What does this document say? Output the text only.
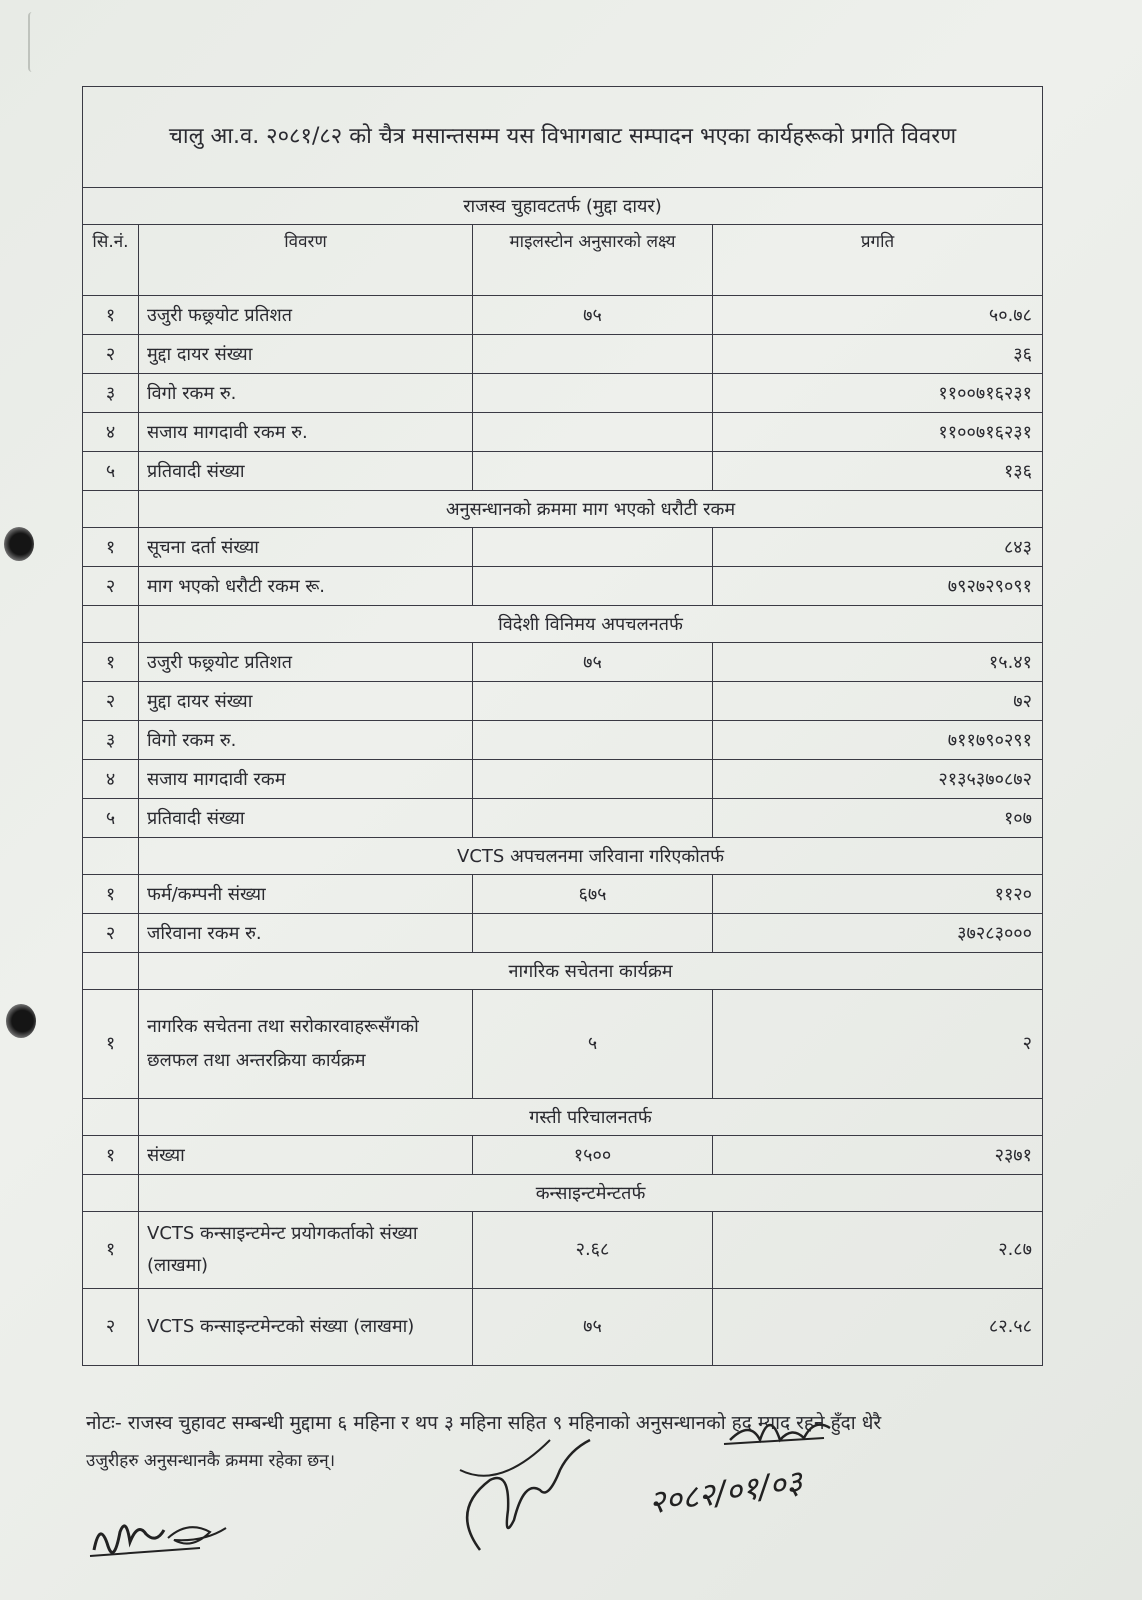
चालु आ.व. २०८१/८२ को चैत्र मसान्तसम्म यस विभागबाट सम्पादन भएका कार्यहरूको प्रगति विवरण			
राजस्व चुहावटतर्फ (मुद्दा दायर)			
सि.नं.	विवरण	माइलस्टोन अनुसारको लक्ष्य	प्रगति
१	उजुरी फछ्र्योट प्रतिशत	७५	५०.७८
२	मुद्दा दायर संख्या		३६
३	विगो रकम रु.		११००७१६२३१
४	सजाय मागदावी रकम रु.		११००७१६२३१
५	प्रतिवादी संख्या		१३६
	अनुसन्धानको क्रममा माग भएको धरौटी रकम		
१	सूचना दर्ता संख्या		८४३
२	माग भएको धरौटी रकम रू.		७९२७२९०९१
	विदेशी विनिमय अपचलनतर्फ		
१	उजुरी फछ्र्योट प्रतिशत	७५	१५.४१
२	मुद्दा दायर संख्या		७२
३	विगो रकम रु.		७११७९०२९१
४	सजाय मागदावी रकम		२१३५३७०८७२
५	प्रतिवादी संख्या		१०७
	VCTS अपचलनमा जरिवाना गरिएकोतर्फ		
१	फर्म/कम्पनी संख्या	६७५	११२०
२	जरिवाना रकम रु.		३७२८३०००
	नागरिक सचेतना कार्यक्रम		
१	नागरिक सचेतना तथा सरोकारवाहरूसँगको छलफल तथा अन्तरक्रिया कार्यक्रम	५	२
	गस्ती परिचालनतर्फ		
१	संख्या	१५००	२३७१
	कन्साइन्टमेन्टतर्फ		
१	VCTS कन्साइन्टमेन्ट प्रयोगकर्ताको संख्या (लाखमा)	२.६८	२.८७
२	VCTS कन्साइन्टमेन्टको संख्या (लाखमा)	७५	८२.५८
नोटः- राजस्व चुहावट सम्बन्धी मुद्दामा ६ महिना र थप ३ महिना सहित ९ महिनाको अनुसन्धानको हद म्याद रहने हुँदा धेरै
उजुरीहरु अनुसन्धानकै क्रममा रहेका छन्।
२०८२/०१/०३
